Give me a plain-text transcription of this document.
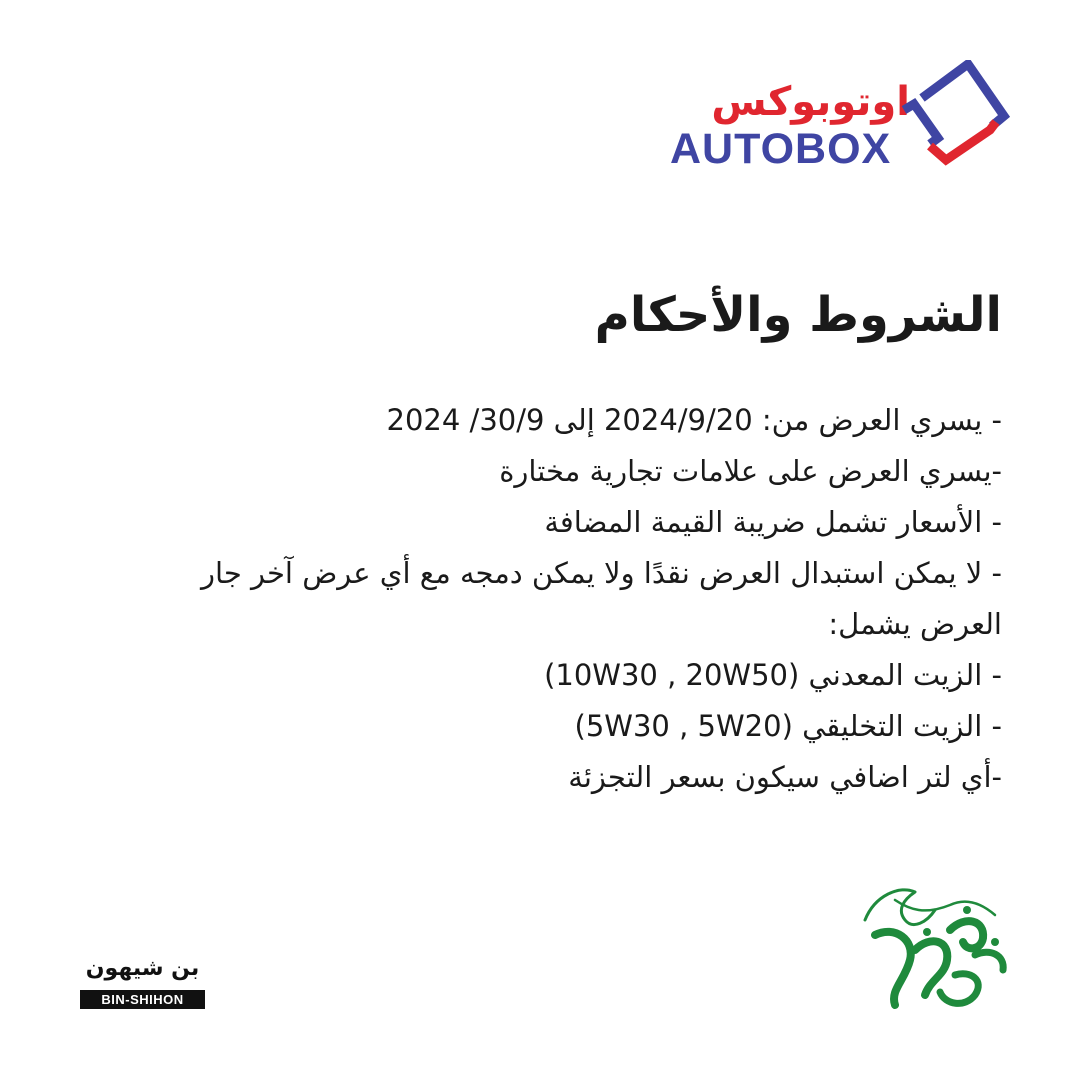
اوتوبوكس
AUTOBOX
الشروط والأحكام
- يسري العرض من: 2024/9/20 إلى 30/9/ 2024
-يسري العرض على علامات تجارية مختارة
- الأسعار تشمل ضريبة القيمة المضافة
- لا يمكن استبدال العرض نقدًا ولا يمكن دمجه مع أي عرض آخر جار
العرض يشمل:
- الزيت المعدني (10W30 , 20W50)
- الزيت التخليقي (5W30 , 5W20)
-أي لتر اضافي سيكون بسعر التجزئة
بن شيهون
BIN-SHIHON
